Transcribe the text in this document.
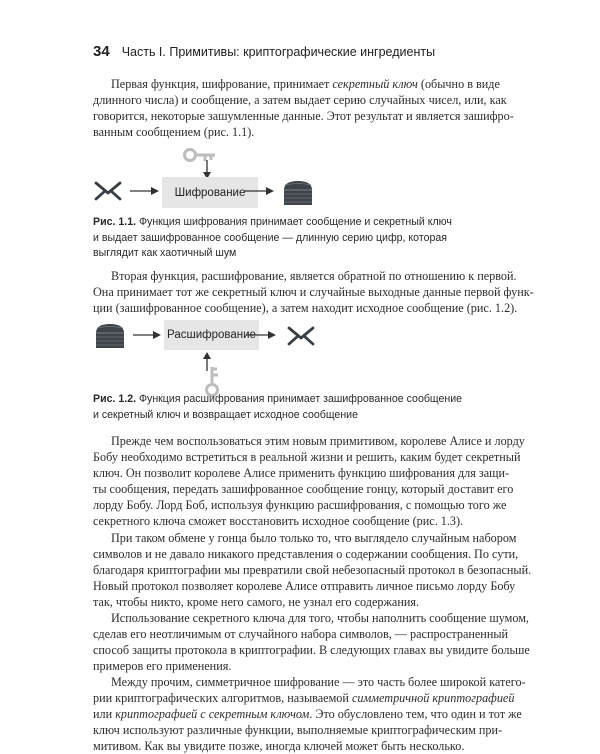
34 Часть I. Примитивы: криптографические ингредиенты
Первая функция, шифрование, принимает секретный ключ (обычно в виде
длинного числа) и сообщение, а затем выдает серию случайных чисел, или, как
говорится, некоторые зашумленные данные. Этот результат и является зашифро-
ванным сообщением (рис. 1.1).
Шифрование
Рис. 1.1. Функция шифрования принимает сообщение и секретный ключ
и выдает зашифрованное сообщение — длинную серию цифр, которая
выглядит как хаотичный шум
Вторая функция, расшифрование, является обратной по отношению к первой.
Она принимает тот же секретный ключ и случайные выходные данные первой функ-
ции (зашифрованное сообщение), а затем находит исходное сообщение (рис. 1.2).
Расшифрование
Рис. 1.2. Функция расшифрования принимает зашифрованное сообщение
и секретный ключ и возвращает исходное сообщение
Прежде чем воспользоваться этим новым примитивом, королеве Алисе и лорду
Бобу необходимо встретиться в реальной жизни и решить, каким будет секретный
ключ. Он позволит королеве Алисе применить функцию шифрования для защи-
ты сообщения, передать зашифрованное сообщение гонцу, который доставит его
лорду Бобу. Лорд Боб, используя функцию расшифрования, с помощью того же
секретного ключа сможет восстановить исходное сообщение (рис. 1.3).
При таком обмене у гонца было только то, что выглядело случайным набором
символов и не давало никакого представления о содержании сообщения. По сути,
благодаря криптографии мы превратили свой небезопасный протокол в безопасный.
Новый протокол позволяет королеве Алисе отправить личное письмо лорду Бобу
так, чтобы никто, кроме него самого, не узнал его содержания.
Использование секретного ключа для того, чтобы наполнить сообщение шумом,
сделав его неотличимым от случайного набора символов, — распространенный
способ защиты протокола в криптографии. В следующих главах вы увидите больше
примеров его применения.
Между прочим, симметричное шифрование — это часть более широкой катего-
рии криптографических алгоритмов, называемой симметричной криптографией
или криптографией с секретным ключом. Это обусловлено тем, что один и тот же
ключ используют различные функции, выполняемые криптографическим при-
митивом. Как вы увидите позже, иногда ключей может быть несколько.
